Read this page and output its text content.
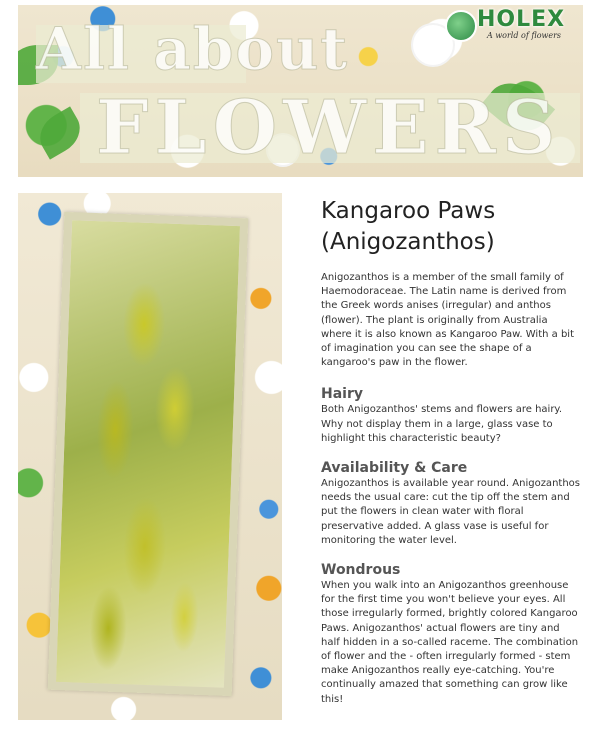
All about
FLOWERS
HOLEX
A world of flowers
Kangaroo Paws (Anigozanthos)

Anigozanthos is a member of the small family of Haemodoraceae. The Latin name is derived from the Greek words anises (irregular) and anthos (flower). The plant is originally from Australia where it is also known as Kangaroo Paw. With a bit of imagination you can see the shape of a kangaroo's paw in the flower.

Hairy

Both Anigozanthos' stems and flowers are hairy. Why not display them in a large, glass vase to highlight this characteristic beauty?

Availability & Care

Anigozanthos is available year round. Anigozanthos needs the usual care: cut the tip off the stem and put the flowers in clean water with floral preservative added. A glass vase is useful for monitoring the water level.

Wondrous

When you walk into an Anigozanthos greenhouse for the first time you won't believe your eyes. All those irregularly formed, brightly colored Kangaroo Paws. Anigozanthos' actual flowers are tiny and half hidden in a so-called raceme. The combination of flower and the - often irregularly formed - stem make Anigozanthos really eye-catching. You're continually amazed that something can grow like this!
